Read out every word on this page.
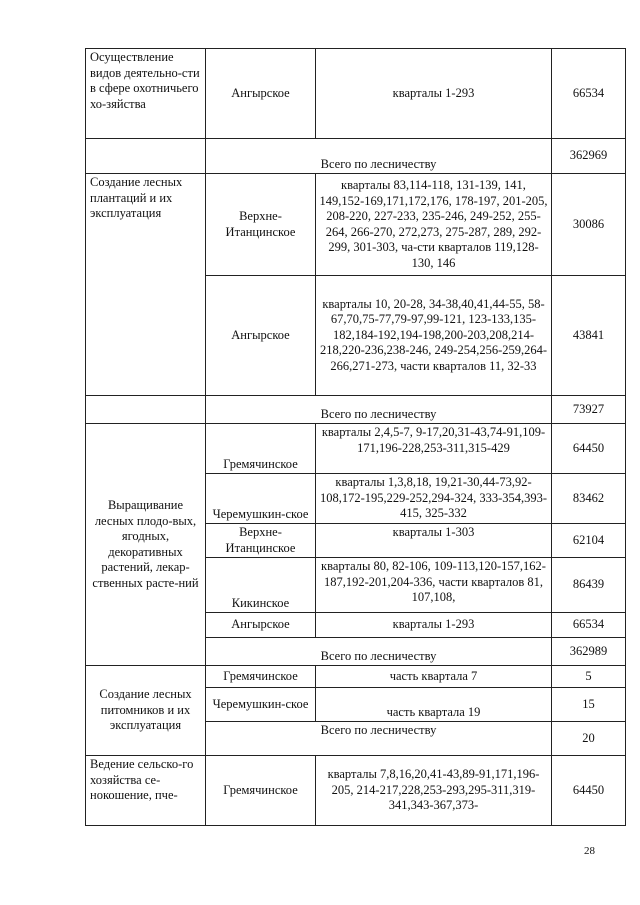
Осуществление видов деятельно-сти в сфере охотничьего хо-зяйства	Ангырское	кварталы 1-293	66534
	Всего по лесничеству		362969
Создание лесных плантаций и их эксплуатация	Верхне-Итанцинское	кварталы 83,114-118, 131-139, 141, 149,152-169,171,172,176, 178-197, 201-205, 208-220, 227-233, 235-246, 249-252, 255-264, 266-270, 272,273, 275-287, 289, 292-299, 301-303, ча-сти кварталов 119,128-130, 146	30086
	Ангырское	кварталы 10, 20-28, 34-38,40,41,44-55, 58-67,70,75-77,79-97,99-121, 123-133,135-182,184-192,194-198,200-203,208,214-218,220-236,238-246, 249-254,256-259,264-266,271-273, части кварталов 11, 32-33	43841
	Всего по лесничеству		73927
Выращивание лесных плодо-вых, ягодных, декоративных растений, лекар-ственных расте-ний	Гремячинское	кварталы 2,4,5-7, 9-17,20,31-43,74-91,109-171,196-228,253-311,315-429	64450
	Черемушкин-ское	кварталы 1,3,8,18, 19,21-30,44-73,92-108,172-195,229-252,294-324, 333-354,393-415, 325-332	83462
	Верхне-Итанцинское	кварталы 1-303	62104
	Кикинское	кварталы 80, 82-106, 109-113,120-157,162-187,192-201,204-336, части кварталов 81, 107,108,	86439
	Ангырское	кварталы 1-293	66534
	Всего по лесничеству		362989
Создание лесных питомников и их эксплуатация	Гремячинское	часть квартала 7	5
	Черемушкин-ское	часть квартала 19	15
	Всего по лесничеству		20
Ведение сельско-го хозяйства се-нокошение, пче-	Гремячинское	кварталы 7,8,16,20,41-43,89-91,171,196-205, 214-217,228,253-293,295-311,319-341,343-367,373-	64450
28
